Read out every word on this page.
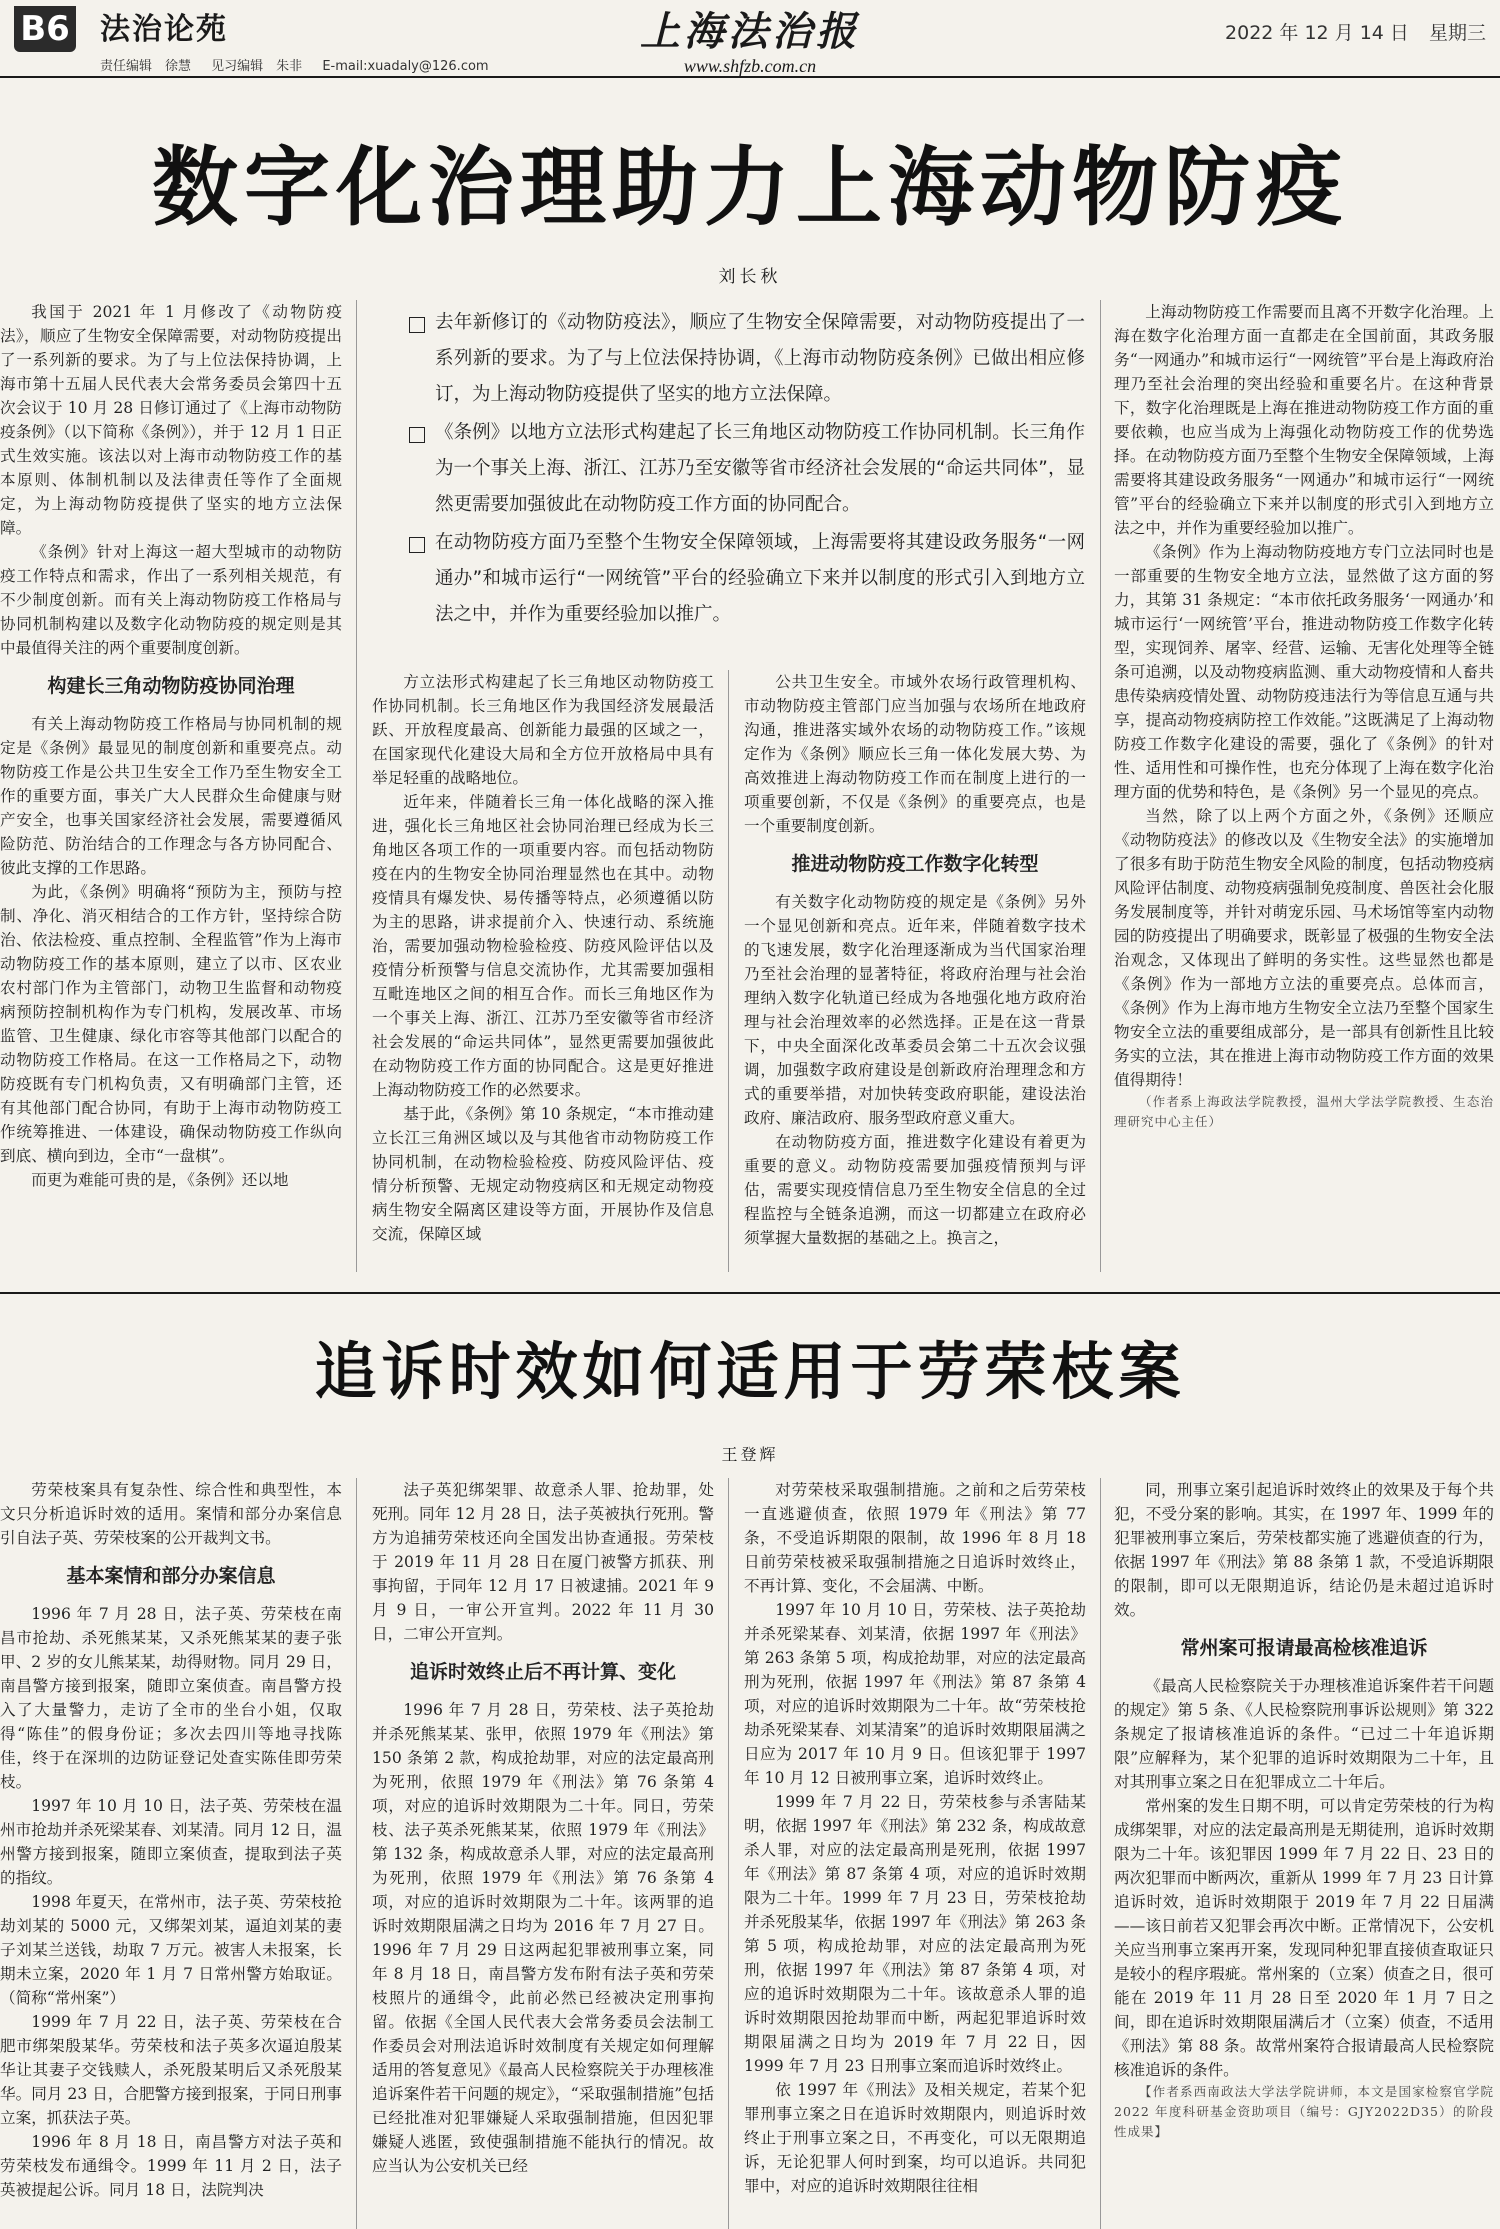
B6 法治论苑
责任编辑　徐慧 见习编辑　朱非 E-mail:xuadaly@126.com
上海法治报
www.shfzb.com.cn
2022 年 12 月 14 日 星期三
数字化治理助力上海动物防疫
刘长秋
去年新修订的《动物防疫法》，顺应了生物安全保障需要，对动物防疫提出了一系列新的要求。为了与上位法保持协调，《上海市动物防疫条例》已做出相应修订，为上海动物防疫提供了坚实的地方立法保障。
《条例》以地方立法形式构建起了长三角地区动物防疫工作协同机制。长三角作为一个事关上海、浙江、江苏乃至安徽等省市经济社会发展的“命运共同体”，显然更需要加强彼此在动物防疫工作方面的协同配合。
在动物防疫方面乃至整个生物安全保障领域，上海需要将其建设政务服务“一网通办”和城市运行“一网统管”平台的经验确立下来并以制度的形式引入到地方立法之中，并作为重要经验加以推广。

我国于 2021 年 1 月修改了《动物防疫法》，顺应了生物安全保障需要，对动物防疫提出了一系列新的要求。为了与上位法保持协调，上海市第十五届人民代表大会常务委员会第四十五次会议于 10 月 28 日修订通过了《上海市动物防疫条例》（以下简称《条例》），并于 12 月 1 日正式生效实施。该法以对上海市动物防疫工作的基本原则、体制机制以及法律责任等作了全面规定，为上海动物防疫提供了坚实的地方立法保障。

《条例》针对上海这一超大型城市的动物防疫工作特点和需求，作出了一系列相关规范，有不少制度创新。而有关上海动物防疫工作格局与协同机制构建以及数字化动物防疫的规定则是其中最值得关注的两个重要制度创新。

构建长三角动物防疫协同治理

有关上海动物防疫工作格局与协同机制的规定是《条例》最显见的制度创新和重要亮点。动物防疫工作是公共卫生安全工作乃至生物安全工作的重要方面，事关广大人民群众生命健康与财产安全，也事关国家经济社会发展，需要遵循风险防范、防治结合的工作理念与各方协同配合、彼此支撑的工作思路。

为此，《条例》明确将“预防为主，预防与控制、净化、消灭相结合的工作方针，坚持综合防治、依法检疫、重点控制、全程监管”作为上海市动物防疫工作的基本原则，建立了以市、区农业农村部门作为主管部门，动物卫生监督和动物疫病预防控制机构作为专门机构，发展改革、市场监管、卫生健康、绿化市容等其他部门以配合的动物防疫工作格局。在这一工作格局之下，动物防疫既有专门机构负责，又有明确部门主管，还有其他部门配合协同，有助于上海市动物防疫工作统筹推进、一体建设，确保动物防疫工作纵向到底、横向到边，全市“一盘棋”。

而更为难能可贵的是，《条例》还以地

方立法形式构建起了长三角地区动物防疫工作协同机制。长三角地区作为我国经济发展最活跃、开放程度最高、创新能力最强的区域之一，在国家现代化建设大局和全方位开放格局中具有举足轻重的战略地位。

近年来，伴随着长三角一体化战略的深入推进，强化长三角地区社会协同治理已经成为长三角地区各项工作的一项重要内容。而包括动物防疫在内的生物安全协同治理显然也在其中。动物疫情具有爆发快、易传播等特点，必须遵循以防为主的思路，讲求提前介入、快速行动、系统施治，需要加强动物检验检疫、防疫风险评估以及疫情分析预警与信息交流协作，尤其需要加强相互毗连地区之间的相互合作。而长三角地区作为一个事关上海、浙江、江苏乃至安徽等省市经济社会发展的“命运共同体”，显然更需要加强彼此在动物防疫工作方面的协同配合。这是更好推进上海动物防疫工作的必然要求。

基于此，《条例》第 10 条规定，“本市推动建立长江三角洲区域以及与其他省市动物防疫工作协同机制，在动物检验检疫、防疫风险评估、疫情分析预警、无规定动物疫病区和无规定动物疫病生物安全隔离区建设等方面，开展协作及信息交流，保障区域

公共卫生安全。市域外农场行政管理机构、市动物防疫主管部门应当加强与农场所在地政府沟通，推进落实域外农场的动物防疫工作。”该规定作为《条例》顺应长三角一体化发展大势、为高效推进上海动物防疫工作而在制度上进行的一项重要创新，不仅是《条例》的重要亮点，也是一个重要制度创新。

推进动物防疫工作数字化转型

有关数字化动物防疫的规定是《条例》另外一个显见创新和亮点。近年来，伴随着数字技术的飞速发展，数字化治理逐渐成为当代国家治理乃至社会治理的显著特征，将政府治理与社会治理纳入数字化轨道已经成为各地强化地方政府治理与社会治理效率的必然选择。正是在这一背景下，中央全面深化改革委员会第二十五次会议强调，加强数字政府建设是创新政府治理理念和方式的重要举措，对加快转变政府职能，建设法治政府、廉洁政府、服务型政府意义重大。

在动物防疫方面，推进数字化建设有着更为重要的意义。动物防疫需要加强疫情预判与评估，需要实现疫情信息乃至生物安全信息的全过程监控与全链条追溯，而这一切都建立在政府必须掌握大量数据的基础之上。换言之，

上海动物防疫工作需要而且离不开数字化治理。上海在数字化治理方面一直都走在全国前面，其政务服务“一网通办”和城市运行“一网统管”平台是上海政府治理乃至社会治理的突出经验和重要名片。在这种背景下，数字化治理既是上海在推进动物防疫工作方面的重要依赖，也应当成为上海强化动物防疫工作的优势选择。在动物防疫方面乃至整个生物安全保障领域，上海需要将其建设政务服务“一网通办”和城市运行“一网统管”平台的经验确立下来并以制度的形式引入到地方立法之中，并作为重要经验加以推广。

《条例》作为上海动物防疫地方专门立法同时也是一部重要的生物安全地方立法，显然做了这方面的努力，其第 31 条规定：“本市依托政务服务‘一网通办’和城市运行‘一网统管’平台，推进动物防疫工作数字化转型，实现饲养、屠宰、经营、运输、无害化处理等全链条可追溯，以及动物疫病监测、重大动物疫情和人畜共患传染病疫情处置、动物防疫违法行为等信息互通与共享，提高动物疫病防控工作效能。”这既满足了上海动物防疫工作数字化建设的需要，强化了《条例》的针对性、适用性和可操作性，也充分体现了上海在数字化治理方面的优势和特色，是《条例》另一个显见的亮点。

当然，除了以上两个方面之外，《条例》还顺应《动物防疫法》的修改以及《生物安全法》的实施增加了很多有助于防范生物安全风险的制度，包括动物疫病风险评估制度、动物疫病强制免疫制度、兽医社会化服务发展制度等，并针对萌宠乐园、马术场馆等室内动物园的防疫提出了明确要求，既彰显了极强的生物安全法治观念，又体现出了鲜明的务实性。这些显然也都是《条例》作为一部地方立法的重要亮点。总体而言，《条例》作为上海市地方生物安全立法乃至整个国家生物安全立法的重要组成部分，是一部具有创新性且比较务实的立法，其在推进上海市动物防疫工作方面的效果值得期待！

（作者系上海政法学院教授，温州大学法学院教授、生态治理研究中心主任）

追诉时效如何适用于劳荣枝案
王登辉

劳荣枝案具有复杂性、综合性和典型性，本文只分析追诉时效的适用。案情和部分办案信息引自法子英、劳荣枝案的公开裁判文书。

基本案情和部分办案信息

1996 年 7 月 28 日，法子英、劳荣枝在南昌市抢劫、杀死熊某某，又杀死熊某某的妻子张甲、2 岁的女儿熊某某，劫得财物。同月 29 日，南昌警方接到报案，随即立案侦查。南昌警方投入了大量警力，走访了全市的坐台小姐，仅取得“陈佳”的假身份证；多次去四川等地寻找陈佳，终于在深圳的边防证登记处查实陈佳即劳荣枝。

1997 年 10 月 10 日，法子英、劳荣枝在温州市抢劫并杀死梁某春、刘某清。同月 12 日，温州警方接到报案，随即立案侦查，提取到法子英的指纹。

1998 年夏天，在常州市，法子英、劳荣枝抢劫刘某的 5000 元，又绑架刘某，逼迫刘某的妻子刘某兰送钱，劫取 7 万元。被害人未报案，长期未立案，2020 年 1 月 7 日常州警方始取证。（简称“常州案”）

1999 年 7 月 22 日，法子英、劳荣枝在合肥市绑架殷某华。劳荣枝和法子英多次逼迫殷某华让其妻子交钱赎人，杀死殷某明后又杀死殷某华。同月 23 日，合肥警方接到报案，于同日刑事立案，抓获法子英。

1996 年 8 月 18 日，南昌警方对法子英和劳荣枝发布通缉令。1999 年 11 月 2 日，法子英被提起公诉。同月 18 日，法院判决

法子英犯绑架罪、故意杀人罪、抢劫罪，处死刑。同年 12 月 28 日，法子英被执行死刑。警方为追捕劳荣枝还向全国发出协查通报。劳荣枝于 2019 年 11 月 28 日在厦门被警方抓获、刑事拘留，于同年 12 月 17 日被逮捕。2021 年 9 月 9 日，一审公开宣判。2022 年 11 月 30 日，二审公开宣判。

追诉时效终止后不再计算、变化

1996 年 7 月 28 日，劳荣枝、法子英抢劫并杀死熊某某、张甲，依照 1979 年《刑法》第 150 条第 2 款，构成抢劫罪，对应的法定最高刑为死刑，依照 1979 年《刑法》第 76 条第 4 项，对应的追诉时效期限为二十年。同日，劳荣枝、法子英杀死熊某某，依照 1979 年《刑法》第 132 条，构成故意杀人罪，对应的法定最高刑为死刑，依照 1979 年《刑法》第 76 条第 4 项，对应的追诉时效期限为二十年。该两罪的追诉时效期限届满之日均为 2016 年 7 月 27 日。1996 年 7 月 29 日这两起犯罪被刑事立案，同年 8 月 18 日，南昌警方发布附有法子英和劳荣枝照片的通缉令，此前必然已经被决定刑事拘留。依据《全国人民代表大会常务委员会法制工作委员会对刑法追诉时效制度有关规定如何理解适用的答复意见》《最高人民检察院关于办理核准追诉案件若干问题的规定》，“采取强制措施”包括已经批准对犯罪嫌疑人采取强制措施，但因犯罪嫌疑人逃匿，致使强制措施不能执行的情况。故应当认为公安机关已经

对劳荣枝采取强制措施。之前和之后劳荣枝一直逃避侦查，依照 1979 年《刑法》第 77 条，不受追诉期限的限制，故 1996 年 8 月 18 日前劳荣枝被采取强制措施之日追诉时效终止，不再计算、变化，不会届满、中断。

1997 年 10 月 10 日，劳荣枝、法子英抢劫并杀死梁某春、刘某清，依据 1997 年《刑法》第 263 条第 5 项，构成抢劫罪，对应的法定最高刑为死刑，依据 1997 年《刑法》第 87 条第 4 项，对应的追诉时效期限为二十年。故“劳荣枝抢劫杀死梁某春、刘某清案”的追诉时效期限届满之日应为 2017 年 10 月 9 日。但该犯罪于 1997 年 10 月 12 日被刑事立案，追诉时效终止。

1999 年 7 月 22 日，劳荣枝参与杀害陆某明，依据 1997 年《刑法》第 232 条，构成故意杀人罪，对应的法定最高刑是死刑，依据 1997 年《刑法》第 87 条第 4 项，对应的追诉时效期限为二十年。1999 年 7 月 23 日，劳荣枝抢劫并杀死殷某华，依据 1997 年《刑法》第 263 条第 5 项，构成抢劫罪，对应的法定最高刑为死刑，依据 1997 年《刑法》第 87 条第 4 项，对应的追诉时效期限为二十年。该故意杀人罪的追诉时效期限因抢劫罪而中断，两起犯罪追诉时效期限届满之日均为 2019 年 7 月 22 日，因 1999 年 7 月 23 日刑事立案而追诉时效终止。

依 1997 年《刑法》及相关规定，若某个犯罪刑事立案之日在追诉时效期限内，则追诉时效终止于刑事立案之日，不再变化，可以无限期追诉，无论犯罪人何时到案，均可以追诉。共同犯罪中，对应的追诉时效期限往往相

同，刑事立案引起追诉时效终止的效果及于每个共犯，不受分案的影响。其实，在 1997 年、1999 年的犯罪被刑事立案后，劳荣枝都实施了逃避侦查的行为，依据 1997 年《刑法》第 88 条第 1 款，不受追诉期限的限制，即可以无限期追诉，结论仍是未超过追诉时效。

常州案可报请最高检核准追诉

《最高人民检察院关于办理核准追诉案件若干问题的规定》第 5 条、《人民检察院刑事诉讼规则》第 322 条规定了报请核准追诉的条件。“已过二十年追诉期限”应解释为，某个犯罪的追诉时效期限为二十年，且对其刑事立案之日在犯罪成立二十年后。

常州案的发生日期不明，可以肯定劳荣枝的行为构成绑架罪，对应的法定最高刑是无期徒刑，追诉时效期限为二十年。该犯罪因 1999 年 7 月 22 日、23 日的两次犯罪而中断两次，重新从 1999 年 7 月 23 日计算追诉时效，追诉时效期限于 2019 年 7 月 22 日届满——该日前若又犯罪会再次中断。正常情况下，公安机关应当刑事立案再开案，发现同种犯罪直接侦查取证只是较小的程序瑕疵。常州案的（立案）侦查之日，很可能在 2019 年 11 月 28 日至 2020 年 1 月 7 日之间，即在追诉时效期限届满后才（立案）侦查，不适用《刑法》第 88 条。故常州案符合报请最高人民检察院核准追诉的条件。

【作者系西南政法大学法学院讲师，本文是国家检察官学院 2022 年度科研基金资助项目（编号：GJY2022D35）的阶段性成果】
